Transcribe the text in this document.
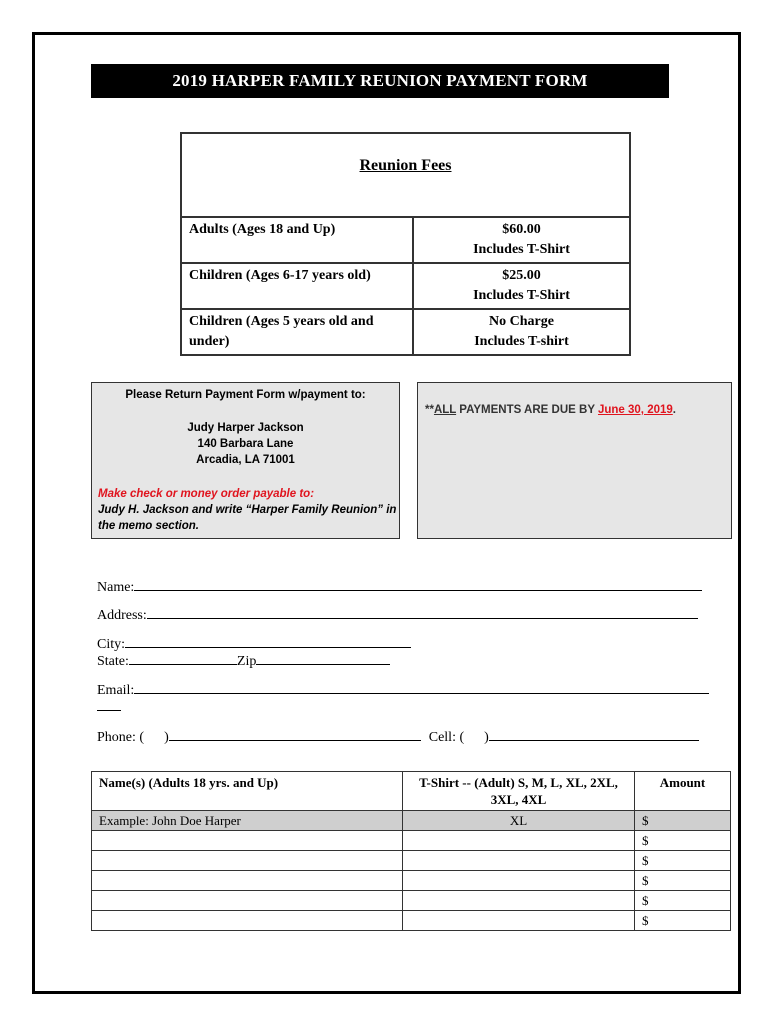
2019 HARPER FAMILY REUNION PAYMENT FORM
Reunion Fees	
Adults (Ages 18 and Up)	$60.00
Includes T-Shirt

Children (Ages 6-17 years old)	$25.00
Includes T-Shirt

Children (Ages 5 years old and under)	No Charge
Includes T-shirt
Please Return Payment Form w/payment to:
Judy Harper Jackson
140 Barbara Lane
Arcadia, LA 71001
Make check or money order payable to:
Judy H. Jackson and write “Harper Family Reunion” in the memo section.
**ALL PAYMENTS ARE DUE BY June 30, 2019.
Name:
Address:
City:
State:	Zip
Email:
Phone: ( )	Cell: ( )
Name(s) (Adults 18 yrs. and Up)	T-Shirt -- (Adult) S, M, L, XL, 2XL, 3XL, 4XL	Amount
Example: John Doe Harper	XL	$
		$
		$
		$
		$
		$
